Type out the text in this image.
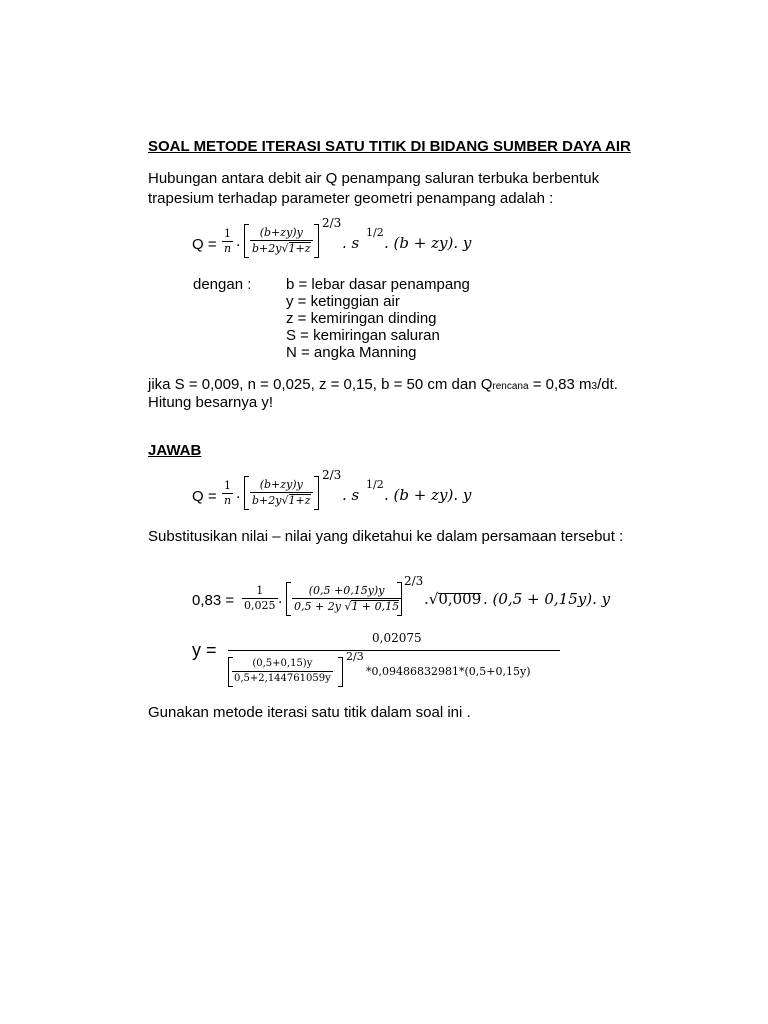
SOAL METODE ITERASI SATU TITIK DI BIDANG SUMBER DAYA AIR
Hubungan antara debit air Q penampang saluran terbuka berbentuk
trapesium terhadap parameter geometri penampang adalah :
$Q = \frac{1}{n}$ . $\frac{(b+zy)y}{b+2y√1+z}$
2/3
. s
1/2
. (b + zy). y
dengan : b = lebar dasar penampang
y = ketinggian air
z = kemiringan dinding
S = kemiringan saluran
N = angka Manning
jika S = 0,009, n = 0,025, z = 0,15, b = 50 cm dan Qrencana = 0,83 m3/dt.
Hitung besarnya y!
JAWAB
$Q = \frac{1}{n}$ . $\frac{(b+zy)y}{b+2y√1+z}$
2/3
. s
1/2
. (b + zy). y
Substitusikan nilai – nilai yang diketahui ke dalam persamaan tersebut :
$0,83 = \frac{1}{0,025}$ . $\frac{(0,5 +0,15y)y}{0,5 + 2y √1 + 0,15}$
2/3
.√0,009 . (0,5 + 0,15y). y
y =
0,02075
$\frac{(0,5+0,15)y}{0,5+2,144761059y}$
2/3
*0,09486832981*(0,5+0,15y)
Gunakan metode iterasi satu titik dalam soal ini .
